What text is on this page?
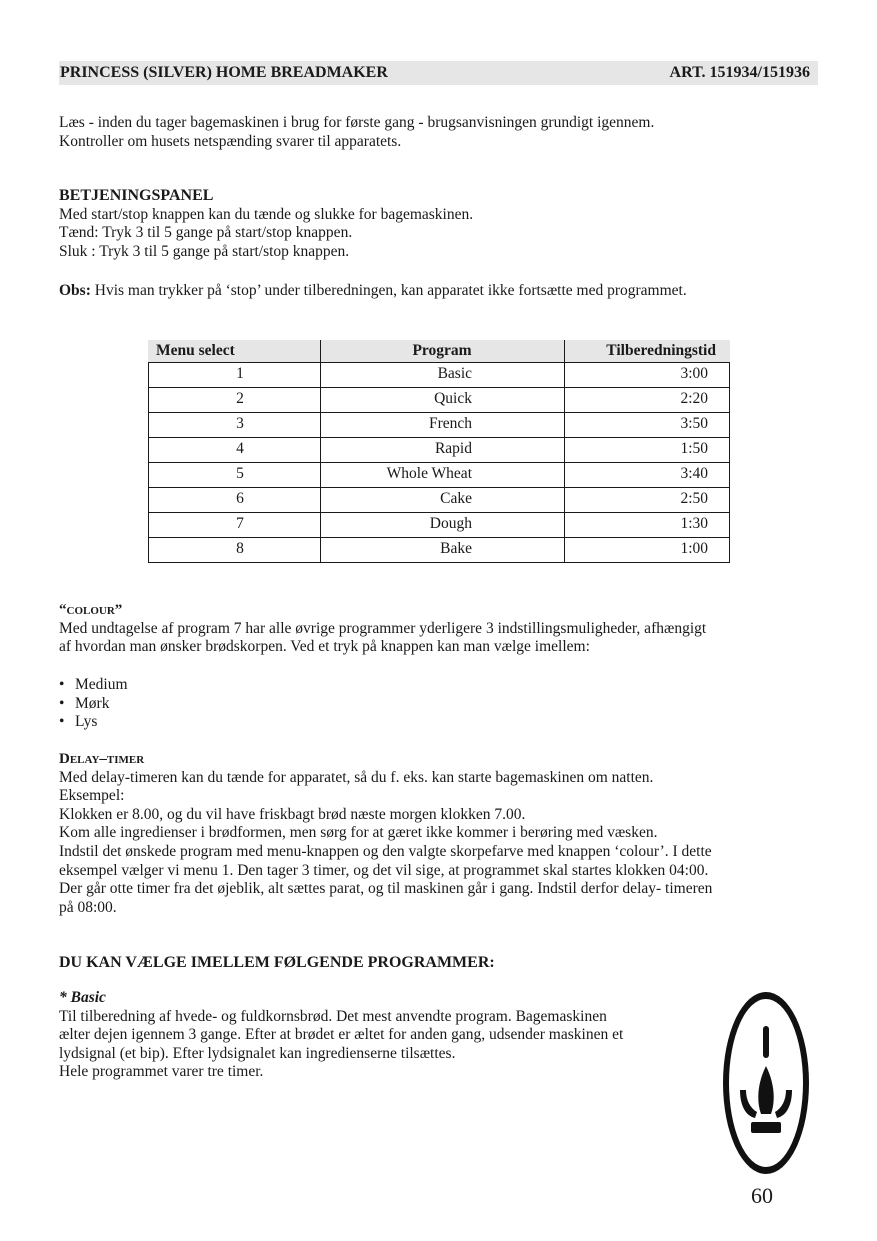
PRINCESS (SILVER) HOME BREADMAKER	ART. 151934/151936

Læs - inden du tager bagemaskinen i brug for første gang - brugsanvisningen grundigt igennem.

Kontroller om husets netspænding svarer til apparatets.

BETJENINGSPANEL

Med start/stop knappen kan du tænde og slukke for bagemaskinen.

Tænd: Tryk 3 til 5 gange på start/stop knappen.

Sluk : Tryk 3 til 5 gange på start/stop knappen.

Obs: Hvis man trykker på ‘stop’ under tilberedningen, kan apparatet ikke fortsætte med programmet.

Menu select	Program	Tilberedningstid
1	Basic	3:00
2	Quick	2:20
3	French	3:50
4	Rapid	1:50
5	Whole Wheat	3:40
6	Cake	2:50
7	Dough	1:30
8	Bake	1:00

“colour”

Med undtagelse af program 7 har alle øvrige programmer yderligere 3 indstillingsmuligheder, afhængigt

af hvordan man ønsker brødskorpen. Ved et tryk på knappen kan man vælge imellem:

• Medium
• Mørk
• Lys

Delay–timer

Med delay-timeren kan du tænde for apparatet, så du f. eks. kan starte bagemaskinen om natten.

Eksempel:

Klokken er 8.00, og du vil have friskbagt brød næste morgen klokken 7.00.

Kom alle ingredienser i brødformen, men sørg for at gæret ikke kommer i berøring med væsken.

Indstil det ønskede program med menu-knappen og den valgte skorpefarve med knappen ‘colour’. I dette

eksempel vælger vi menu 1. Den tager 3 timer, og det vil sige, at programmet skal startes klokken 04:00.

Der går otte timer fra det øjeblik, alt sættes parat, og til maskinen går i gang. Indstil derfor delay- timeren

på 08:00.

DU KAN VÆLGE IMELLEM FØLGENDE PROGRAMMER:

* Basic

Til tilberedning af hvede- og fuldkornsbrød. Det mest anvendte program. Bagemaskinen

ælter dejen igennem 3 gange. Efter at brødet er æltet for anden gang, udsender maskinen et

lydsignal (et bip). Efter lydsignalet kan ingredienserne tilsættes.

Hele programmet varer tre timer.

60
